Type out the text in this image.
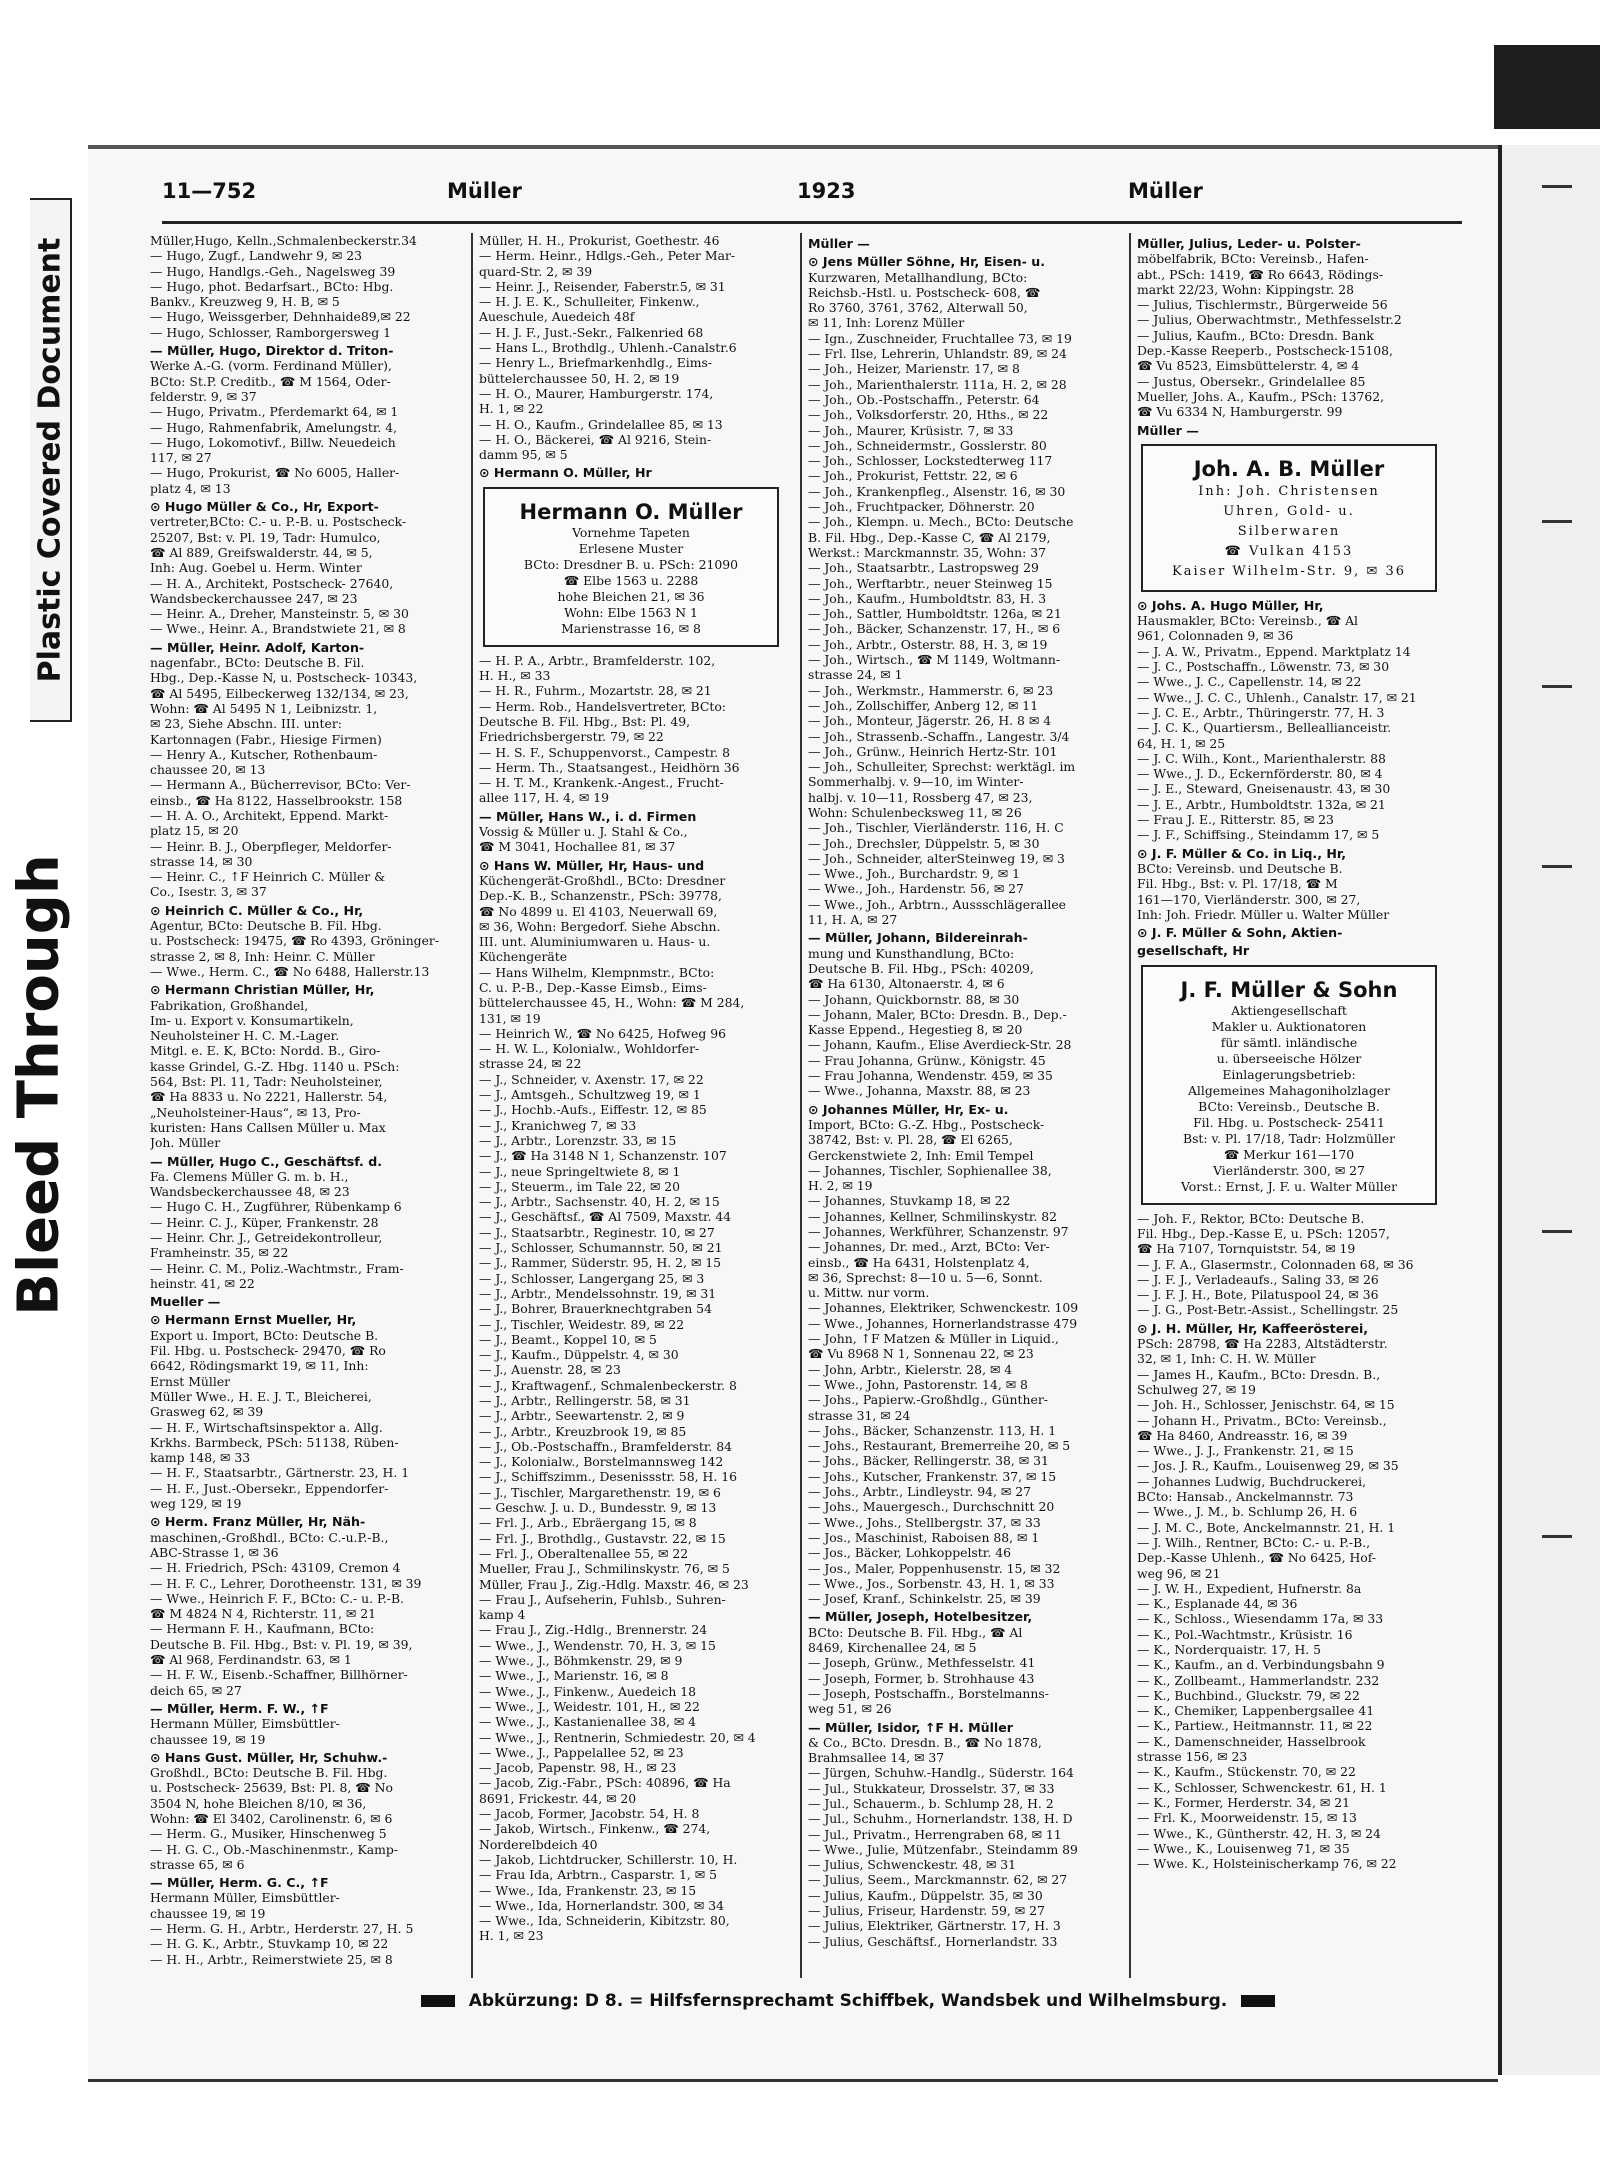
Plastic Covered Document
Bleed Through
11—752	Müller	1923	Müller

Müller,Hugo, Kelln.,Schmalenbeckerstr.34

— Hugo, Zugf., Landwehr 9, ✉ 23

— Hugo, Handlgs.-Geh., Nagelsweg 39

— Hugo, phot. Bedarfsart., BCto: Hbg.

Bankv., Kreuzweg 9, H. B, ✉ 5

— Hugo, Weissgerber, Dehnhaide89,✉ 22

— Hugo, Schlosser, Ramborgersweg 1

— Müller, Hugo, Direktor d. Triton-

Werke A.-G. (vorm. Ferdinand Müller),

BCto: St.P. Creditb., ☎ M 1564, Oder-

felderstr. 9, ✉ 37

— Hugo, Privatm., Pferdemarkt 64, ✉ 1

— Hugo, Rahmenfabrik, Amelungstr. 4,

— Hugo, Lokomotivf., Billw. Neuedeich

117, ✉ 27

— Hugo, Prokurist, ☎ No 6005, Haller-

platz 4, ✉ 13

⊙ Hugo Müller & Co., Hr, Export-

vertreter,BCto: C.- u. P.-B. u. Postscheck-

25207, Bst: v. Pl. 19, Tadr: Humulco,

☎ Al 889, Greifswalderstr. 44, ✉ 5,

Inh: Aug. Goebel u. Herm. Winter

— H. A., Architekt, Postscheck- 27640,

Wandsbeckerchaussee 247, ✉ 23

— Heinr. A., Dreher, Mansteinstr. 5, ✉ 30

— Wwe., Heinr. A., Brandstwiete 21, ✉ 8

— Müller, Heinr. Adolf, Karton-

nagenfabr., BCto: Deutsche B. Fil.

Hbg., Dep.-Kasse N, u. Postscheck- 10343,

☎ Al 5495, Eilbeckerweg 132/134, ✉ 23,

Wohn: ☎ Al 5495 N 1, Leibnizstr. 1,

✉ 23, Siehe Abschn. III. unter:

Kartonnagen (Fabr., Hiesige Firmen)

— Henry A., Kutscher, Rothenbaum-

chaussee 20, ✉ 13

— Hermann A., Bücherrevisor, BCto: Ver-

einsb., ☎ Ha 8122, Hasselbrookstr. 158

— H. A. O., Architekt, Eppend. Markt-

platz 15, ✉ 20

— Heinr. B. J., Oberpfleger, Meldorfer-

strasse 14, ✉ 30

— Heinr. C., ↑F Heinrich C. Müller &

Co., Isestr. 3, ✉ 37

⊙ Heinrich C. Müller & Co., Hr,

Agentur, BCto: Deutsche B. Fil. Hbg.

u. Postscheck: 19475, ☎ Ro 4393, Gröninger-

strasse 2, ✉ 8, Inh: Heinr. C. Müller

— Wwe., Herm. C., ☎ No 6488, Hallerstr.13

⊙ Hermann Christian Müller, Hr,

Fabrikation, Großhandel,

Im- u. Export v. Konsumartikeln,

Neuholsteiner H. C. M.-Lager.

Mitgl. e. E. K, BCto: Nordd. B., Giro-

kasse Grindel, G.-Z. Hbg. 1140 u. PSch:

564, Bst: Pl. 11, Tadr: Neuholsteiner,

☎ Ha 8833 u. No 2221, Hallerstr. 54,

„Neuholsteiner-Haus“, ✉ 13, Pro-

kuristen: Hans Callsen Müller u. Max

Joh. Müller

— Müller, Hugo C., Geschäftsf. d.

Fa. Clemens Müller G. m. b. H.,

Wandsbeckerchaussee 48, ✉ 23

— Hugo C. H., Zugführer, Rübenkamp 6

— Heinr. C. J., Küper, Frankenstr. 28

— Heinr. Chr. J., Getreidekontrolleur,

Framheinstr. 35, ✉ 22

— Heinr. C. M., Poliz.-Wachtmstr., Fram-

heinstr. 41, ✉ 22

Mueller —

⊙ Hermann Ernst Mueller, Hr,

Export u. Import, BCto: Deutsche B.

Fil. Hbg. u. Postscheck- 29470, ☎ Ro

6642, Rödingsmarkt 19, ✉ 11, Inh:

Ernst Müller

Müller Wwe., H. E. J. T., Bleicherei,

Grasweg 62, ✉ 39

— H. F., Wirtschaftsinspektor a. Allg.

Krkhs. Barmbeck, PSch: 51138, Rüben-

kamp 148, ✉ 33

— H. F., Staatsarbtr., Gärtnerstr. 23, H. 1

— H. F., Just.-Obersekr., Eppendorfer-

weg 129, ✉ 19

⊙ Herm. Franz Müller, Hr, Näh-

maschinen,-Großhdl., BCto: C.-u.P.-B.,

ABC-Strasse 1, ✉ 36

— H. Friedrich, PSch: 43109, Cremon 4

— H. F. C., Lehrer, Dorotheenstr. 131, ✉ 39

— Wwe., Heinrich F. F., BCto: C.- u. P.-B.

☎ M 4824 N 4, Richterstr. 11, ✉ 21

— Hermann F. H., Kaufmann, BCto:

Deutsche B. Fil. Hbg., Bst: v. Pl. 19, ✉ 39,

☎ Al 968, Ferdinandstr. 63, ✉ 1

— H. F. W., Eisenb.-Schaffner, Billhörner-

deich 65, ✉ 27

— Müller, Herm. F. W., ↑F

Hermann Müller, Eimsbüttler-

chaussee 19, ✉ 19

⊙ Hans Gust. Müller, Hr, Schuhw.-

Großhdl., BCto: Deutsche B. Fil. Hbg.

u. Postscheck- 25639, Bst: Pl. 8, ☎ No

3504 N, hohe Bleichen 8/10, ✉ 36,

Wohn: ☎ El 3402, Carolinenstr. 6, ✉ 6

— Herm. G., Musiker, Hinschenweg 5

— H. G. C., Ob.-Maschinenmstr., Kamp-

strasse 65, ✉ 6

— Müller, Herm. G. C., ↑F

Hermann Müller, Eimsbüttler-

chaussee 19, ✉ 19

— Herm. G. H., Arbtr., Herderstr. 27, H. 5

— H. G. K., Arbtr., Stuvkamp 10, ✉ 22

— H. H., Arbtr., Reimerstwiete 25, ✉ 8

Müller, H. H., Prokurist, Goethestr. 46

— Herm. Heinr., Hdlgs.-Geh., Peter Mar-

quard-Str. 2, ✉ 39

— Heinr. J., Reisender, Faberstr.5, ✉ 31

— H. J. E. K., Schulleiter, Finkenw.,

Aueschule, Auedeich 48f

— H. J. F., Just.-Sekr., Falkenried 68

— Hans L., Brothdlg., Uhlenh.-Canalstr.6

— Henry L., Briefmarkenhdlg., Eims-

büttelerchaussee 50, H. 2, ✉ 19

— H. O., Maurer, Hamburgerstr. 174,

H. 1, ✉ 22

— H. O., Kaufm., Grindelallee 85, ✉ 13

— H. O., Bäckerei, ☎ Al 9216, Stein-

damm 95, ✉ 5

⊙ Hermann O. Müller, Hr

Hermann O. Müller
Vornehme Tapeten
Erlesene Muster
BCto: Dresdner B. u. PSch: 21090
☎ Elbe 1563 u. 2288
hohe Bleichen 21, ✉ 36
Wohn: Elbe 1563 N 1
Marienstrasse 16, ✉ 8

— H. P. A., Arbtr., Bramfelderstr. 102,

H. H., ✉ 33

— H. R., Fuhrm., Mozartstr. 28, ✉ 21

— Herm. Rob., Handelsvertreter, BCto:

Deutsche B. Fil. Hbg., Bst: Pl. 49,

Friedrichsbergerstr. 79, ✉ 22

— H. S. F., Schuppenvorst., Campestr. 8

— Herm. Th., Staatsangest., Heidhörn 36

— H. T. M., Krankenk.-Angest., Frucht-

allee 117, H. 4, ✉ 19

— Müller, Hans W., i. d. Firmen

Vossig & Müller u. J. Stahl & Co.,

☎ M 3041, Hochallee 81, ✉ 37

⊙ Hans W. Müller, Hr, Haus- und

Küchengerät-Großhdl., BCto: Dresdner

Dep.-K. B., Schanzenstr., PSch: 39778,

☎ No 4899 u. El 4103, Neuerwall 69,

✉ 36, Wohn: Bergedorf. Siehe Abschn.

III. unt. Aluminiumwaren u. Haus- u.

Küchengeräte

— Hans Wilhelm, Klempnmstr., BCto:

C. u. P.-B., Dep.-Kasse Eimsb., Eims-

büttelerchaussee 45, H., Wohn: ☎ M 284,

131, ✉ 19

— Heinrich W., ☎ No 6425, Hofweg 96

— H. W. L., Kolonialw., Wohldorfer-

strasse 24, ✉ 22

— J., Schneider, v. Axenstr. 17, ✉ 22

— J., Amtsgeh., Schultzweg 19, ✉ 1

— J., Hochb.-Aufs., Eiffestr. 12, ✉ 85

— J., Kranichweg 7, ✉ 33

— J., Arbtr., Lorenzstr. 33, ✉ 15

— J., ☎ Ha 3148 N 1, Schanzenstr. 107

— J., neue Springeltwiete 8, ✉ 1

— J., Steuerm., im Tale 22, ✉ 20

— J., Arbtr., Sachsenstr. 40, H. 2, ✉ 15

— J., Geschäftsf., ☎ Al 7509, Maxstr. 44

— J., Staatsarbtr., Reginestr. 10, ✉ 27

— J., Schlosser, Schumannstr. 50, ✉ 21

— J., Rammer, Süderstr. 95, H. 2, ✉ 15

— J., Schlosser, Langergang 25, ✉ 3

— J., Arbtr., Mendelssohnstr. 19, ✉ 31

— J., Bohrer, Brauerknechtgraben 54

— J., Tischler, Weidestr. 89, ✉ 22

— J., Beamt., Koppel 10, ✉ 5

— J., Kaufm., Düppelstr. 4, ✉ 30

— J., Auenstr. 28, ✉ 23

— J., Kraftwagenf., Schmalenbeckerstr. 8

— J., Arbtr., Rellingerstr. 58, ✉ 31

— J., Arbtr., Seewartenstr. 2, ✉ 9

— J., Arbtr., Kreuzbrook 19, ✉ 85

— J., Ob.-Postschaffn., Bramfelderstr. 84

— J., Kolonialw., Borstelmannsweg 142

— J., Schiffszimm., Desenissstr. 58, H. 16

— J., Tischler, Margarethenstr. 19, ✉ 6

— Geschw. J. u. D., Bundesstr. 9, ✉ 13

— Frl. J., Arb., Ebräergang 15, ✉ 8

— Frl. J., Brothdlg., Gustavstr. 22, ✉ 15

— Frl. J., Oberaltenallee 55, ✉ 22

Mueller, Frau J., Schmilinskystr. 76, ✉ 5

Müller, Frau J., Zig.-Hdlg. Maxstr. 46, ✉ 23

— Frau J., Aufseherin, Fuhlsb., Suhren-

kamp 4

— Frau J., Zig.-Hdlg., Brennerstr. 24

— Wwe., J., Wendenstr. 70, H. 3, ✉ 15

— Wwe., J., Böhmkenstr. 29, ✉ 9

— Wwe., J., Marienstr. 16, ✉ 8

— Wwe., J., Finkenw., Auedeich 18

— Wwe., J., Weidestr. 101, H., ✉ 22

— Wwe., J., Kastanienallee 38, ✉ 4

— Wwe., J., Rentnerin, Schmiedestr. 20, ✉ 4

— Wwe., J., Pappelallee 52, ✉ 23

— Jacob, Papenstr. 98, H., ✉ 23

— Jacob, Zig.-Fabr., PSch: 40896, ☎ Ha

8691, Frickestr. 44, ✉ 20

— Jacob, Former, Jacobstr. 54, H. 8

— Jakob, Wirtsch., Finkenw., ☎ 274,

Norderelbdeich 40

— Jakob, Lichtdrucker, Schillerstr. 10, H.

— Frau Ida, Arbtrn., Casparstr. 1, ✉ 5

— Wwe., Ida, Frankenstr. 23, ✉ 15

— Wwe., Ida, Hornerlandstr. 300, ✉ 34

— Wwe., Ida, Schneiderin, Kibitzstr. 80,

H. 1, ✉ 23

Müller —

⊙ Jens Müller Söhne, Hr, Eisen- u.

Kurzwaren, Metallhandlung, BCto:

Reichsb.-Hstl. u. Postscheck- 608, ☎

Ro 3760, 3761, 3762, Alterwall 50,

✉ 11, Inh: Lorenz Müller

— Ign., Zuschneider, Fruchtallee 73, ✉ 19

— Frl. Ilse, Lehrerin, Uhlandstr. 89, ✉ 24

— Joh., Heizer, Marienstr. 17, ✉ 8

— Joh., Marienthalerstr. 111a, H. 2, ✉ 28

— Joh., Ob.-Postschaffn., Peterstr. 64

— Joh., Volksdorferstr. 20, Hths., ✉ 22

— Joh., Maurer, Krüsistr. 7, ✉ 33

— Joh., Schneidermstr., Gosslerstr. 80

— Joh., Schlosser, Lockstedterweg 117

— Joh., Prokurist, Fettstr. 22, ✉ 6

— Joh., Krankenpfleg., Alsenstr. 16, ✉ 30

— Joh., Fruchtpacker, Döhnerstr. 20

— Joh., Klempn. u. Mech., BCto: Deutsche

B. Fil. Hbg., Dep.-Kasse C, ☎ Al 2179,

Werkst.: Marckmannstr. 35, Wohn: 37

— Joh., Staatsarbtr., Lastropsweg 29

— Joh., Werftarbtr., neuer Steinweg 15

— Joh., Kaufm., Humboldtstr. 83, H. 3

— Joh., Sattler, Humboldtstr. 126a, ✉ 21

— Joh., Bäcker, Schanzenstr. 17, H., ✉ 6

— Joh., Arbtr., Osterstr. 88, H. 3, ✉ 19

— Joh., Wirtsch., ☎ M 1149, Woltmann-

strasse 24, ✉ 1

— Joh., Werkmstr., Hammerstr. 6, ✉ 23

— Joh., Zollschiffer, Anberg 12, ✉ 11

— Joh., Monteur, Jägerstr. 26, H. 8 ✉ 4

— Joh., Strassenb.-Schaffn., Langestr. 3/4

— Joh., Grünw., Heinrich Hertz-Str. 101

— Joh., Schulleiter, Sprechst: werktägl. im

Sommerhalbj. v. 9—10, im Winter-

halbj. v. 10—11, Rossberg 47, ✉ 23,

Wohn: Schulenbecksweg 11, ✉ 26

— Joh., Tischler, Vierländerstr. 116, H. C

— Joh., Drechsler, Düppelstr. 5, ✉ 30

— Joh., Schneider, alterSteinweg 19, ✉ 3

— Wwe., Joh., Burchardstr. 9, ✉ 1

— Wwe., Joh., Hardenstr. 56, ✉ 27

— Wwe., Joh., Arbtrn., Aussschlägerallee

11, H. A, ✉ 27

— Müller, Johann, Bildereinrah-

mung und Kunsthandlung, BCto:

Deutsche B. Fil. Hbg., PSch: 40209,

☎ Ha 6130, Altonaerstr. 4, ✉ 6

— Johann, Quickbornstr. 88, ✉ 30

— Johann, Maler, BCto: Dresdn. B., Dep.-

Kasse Eppend., Hegestieg 8, ✉ 20

— Johann, Kaufm., Elise Averdieck-Str. 28

— Frau Johanna, Grünw., Königstr. 45

— Frau Johanna, Wendenstr. 459, ✉ 35

— Wwe., Johanna, Maxstr. 88, ✉ 23

⊙ Johannes Müller, Hr, Ex- u.

Import, BCto: G.-Z. Hbg., Postscheck-

38742, Bst: v. Pl. 28, ☎ El 6265,

Gerckenstwiete 2, Inh: Emil Tempel

— Johannes, Tischler, Sophienallee 38,

H. 2, ✉ 19

— Johannes, Stuvkamp 18, ✉ 22

— Johannes, Kellner, Schmilinskystr. 82

— Johannes, Werkführer, Schanzenstr. 97

— Johannes, Dr. med., Arzt, BCto: Ver-

einsb., ☎ Ha 6431, Holstenplatz 4,

✉ 36, Sprechst: 8—10 u. 5—6, Sonnt.

u. Mittw. nur vorm.

— Johannes, Elektriker, Schwenckestr. 109

— Wwe., Johannes, Hornerlandstrasse 479

— John, ↑F Matzen & Müller in Liquid.,

☎ Vu 8968 N 1, Sonnenau 22, ✉ 23

— John, Arbtr., Kielerstr. 28, ✉ 4

— Wwe., John, Pastorenstr. 14, ✉ 8

— Johs., Papierw.-Großhdlg., Günther-

strasse 31, ✉ 24

— Johs., Bäcker, Schanzenstr. 113, H. 1

— Johs., Restaurant, Bremerreihe 20, ✉ 5

— Johs., Bäcker, Rellingerstr. 38, ✉ 31

— Johs., Kutscher, Frankenstr. 37, ✉ 15

— Johs., Arbtr., Lindleystr. 94, ✉ 27

— Johs., Mauergesch., Durchschnitt 20

— Wwe., Johs., Stellbergstr. 37, ✉ 33

— Jos., Maschinist, Raboisen 88, ✉ 1

— Jos., Bäcker, Lohkoppelstr. 46

— Jos., Maler, Poppenhusenstr. 15, ✉ 32

— Wwe., Jos., Sorbenstr. 43, H. 1, ✉ 33

— Josef, Kranf., Schinkelstr. 25, ✉ 39

— Müller, Joseph, Hotelbesitzer,

BCto: Deutsche B. Fil. Hbg., ☎ Al

8469, Kirchenallee 24, ✉ 5

— Joseph, Grünw., Methfesselstr. 41

— Joseph, Former, b. Strohhause 43

— Joseph, Postschaffn., Borstelmanns-

weg 51, ✉ 26

— Müller, Isidor, ↑F H. Müller

& Co., BCto. Dresdn. B., ☎ No 1878,

Brahmsallee 14, ✉ 37

— Jürgen, Schuhw.-Handlg., Süderstr. 164

— Jul., Stukkateur, Drosselstr. 37, ✉ 33

— Jul., Schauerm., b. Schlump 28, H. 2

— Jul., Schuhm., Hornerlandstr. 138, H. D

— Jul., Privatm., Herrengraben 68, ✉ 11

— Wwe., Julie, Mützenfabr., Steindamm 89

— Julius, Schwenckestr. 48, ✉ 31

— Julius, Seem., Marckmannstr. 62, ✉ 27

— Julius, Kaufm., Düppelstr. 35, ✉ 30

— Julius, Friseur, Hardenstr. 59, ✉ 27

— Julius, Elektriker, Gärtnerstr. 17, H. 3

— Julius, Geschäftsf., Hornerlandstr. 33

Müller, Julius, Leder- u. Polster-

möbelfabrik, BCto: Vereinsb., Hafen-

abt., PSch: 1419, ☎ Ro 6643, Rödings-

markt 22/23, Wohn: Kippingstr. 28

— Julius, Tischlermstr., Bürgerweide 56

— Julius, Oberwachtmstr., Methfesselstr.2

— Julius, Kaufm., BCto: Dresdn. Bank

Dep.-Kasse Reeperb., Postscheck-15108,

☎ Vu 8523, Eimsbüttelerstr. 4, ✉ 4

— Justus, Obersekr., Grindelallee 85

Mueller, Johs. A., Kaufm., PSch: 13762,

☎ Vu 6334 N, Hamburgerstr. 99

Müller —

Joh. A. B. Müller
Inh: Joh. Christensen
Uhren, Gold- u.
Silberwaren
☎ Vulkan 4153
Kaiser Wilhelm-Str. 9, ✉ 36

⊙ Johs. A. Hugo Müller, Hr,

Hausmakler, BCto: Vereinsb., ☎ Al

961, Colonnaden 9, ✉ 36

— J. A. W., Privatm., Eppend. Marktplatz 14

— J. C., Postschaffn., Löwenstr. 73, ✉ 30

— Wwe., J. C., Capellenstr. 14, ✉ 22

— Wwe., J. C. C., Uhlenh., Canalstr. 17, ✉ 21

— J. C. E., Arbtr., Thüringerstr. 77, H. 3

— J. C. K., Quartiersm., Belleallianceistr.

64, H. 1, ✉ 25

— J. C. Wilh., Kont., Marienthalerstr. 88

— Wwe., J. D., Eckernförderstr. 80, ✉ 4

— J. E., Steward, Gneisenaustr. 43, ✉ 30

— J. E., Arbtr., Humboldtstr. 132a, ✉ 21

— Frau J. E., Ritterstr. 85, ✉ 23

— J. F., Schiffsing., Steindamm 17, ✉ 5

⊙ J. F. Müller & Co. in Liq., Hr,

BCto: Vereinsb. und Deutsche B.

Fil. Hbg., Bst: v. Pl. 17/18, ☎ M

161—170, Vierländerstr. 300, ✉ 27,

Inh: Joh. Friedr. Müller u. Walter Müller

⊙ J. F. Müller & Sohn, Aktien-

gesellschaft, Hr

J. F. Müller & Sohn
Aktiengesellschaft
Makler u. Auktionatoren
für sämtl. inländische
u. überseeische Hölzer
Einlagerungsbetrieb:
Allgemeines Mahagoniholzlager
BCto: Vereinsb., Deutsche B.
Fil. Hbg. u. Postscheck- 25411
Bst: v. Pl. 17/18, Tadr: Holzmüller
☎ Merkur 161—170
Vierländerstr. 300, ✉ 27
Vorst.: Ernst, J. F. u. Walter Müller

— Joh. F., Rektor, BCto: Deutsche B.

Fil. Hbg., Dep.-Kasse E, u. PSch: 12057,

☎ Ha 7107, Tornquiststr. 54, ✉ 19

— J. F. A., Glasermstr., Colonnaden 68, ✉ 36

— J. F. J., Verladeaufs., Saling 33, ✉ 26

— J. F. J. H., Bote, Pilatuspool 24, ✉ 36

— J. G., Post-Betr.-Assist., Schellingstr. 25

⊙ J. H. Müller, Hr, Kaffeerösterei,

PSch: 28798, ☎ Ha 2283, Altstädterstr.

32, ✉ 1, Inh: C. H. W. Müller

— James H., Kaufm., BCto: Dresdn. B.,

Schulweg 27, ✉ 19

— Joh. H., Schlosser, Jenischstr. 64, ✉ 15

— Johann H., Privatm., BCto: Vereinsb.,

☎ Ha 8460, Andreasstr. 16, ✉ 39

— Wwe., J. J., Frankenstr. 21, ✉ 15

— Jos. J. R., Kaufm., Louisenweg 29, ✉ 35

— Johannes Ludwig, Buchdruckerei,

BCto: Hansab., Anckelmannstr. 73

— Wwe., J. M., b. Schlump 26, H. 6

— J. M. C., Bote, Anckelmannstr. 21, H. 1

— J. Wilh., Rentner, BCto: C.- u. P.-B.,

Dep.-Kasse Uhlenh., ☎ No 6425, Hof-

weg 96, ✉ 21

— J. W. H., Expedient, Hufnerstr. 8a

— K., Esplanade 44, ✉ 36

— K., Schloss., Wiesendamm 17a, ✉ 33

— K., Pol.-Wachtmstr., Krüsistr. 16

— K., Norderquaistr. 17, H. 5

— K., Kaufm., an d. Verbindungsbahn 9

— K., Zollbeamt., Hammerlandstr. 232

— K., Buchbind., Gluckstr. 79, ✉ 22

— K., Chemiker, Lappenbergsallee 41

— K., Partiew., Heitmannstr. 11, ✉ 22

— K., Damenschneider, Hasselbrook

strasse 156, ✉ 23

— K., Kaufm., Stückenstr. 70, ✉ 22

— K., Schlosser, Schwenckestr. 61, H. 1

— K., Former, Herderstr. 34, ✉ 21

— Frl. K., Moorweidenstr. 15, ✉ 13

— Wwe., K., Güntherstr. 42, H. 3, ✉ 24

— Wwe., K., Louisenweg 71, ✉ 35

— Wwe. K., Holsteinischerkamp 76, ✉ 22

Abkürzung: D 8. = Hilfsfernsprechamt Schiffbek, Wandsbek und Wilhelmsburg.
